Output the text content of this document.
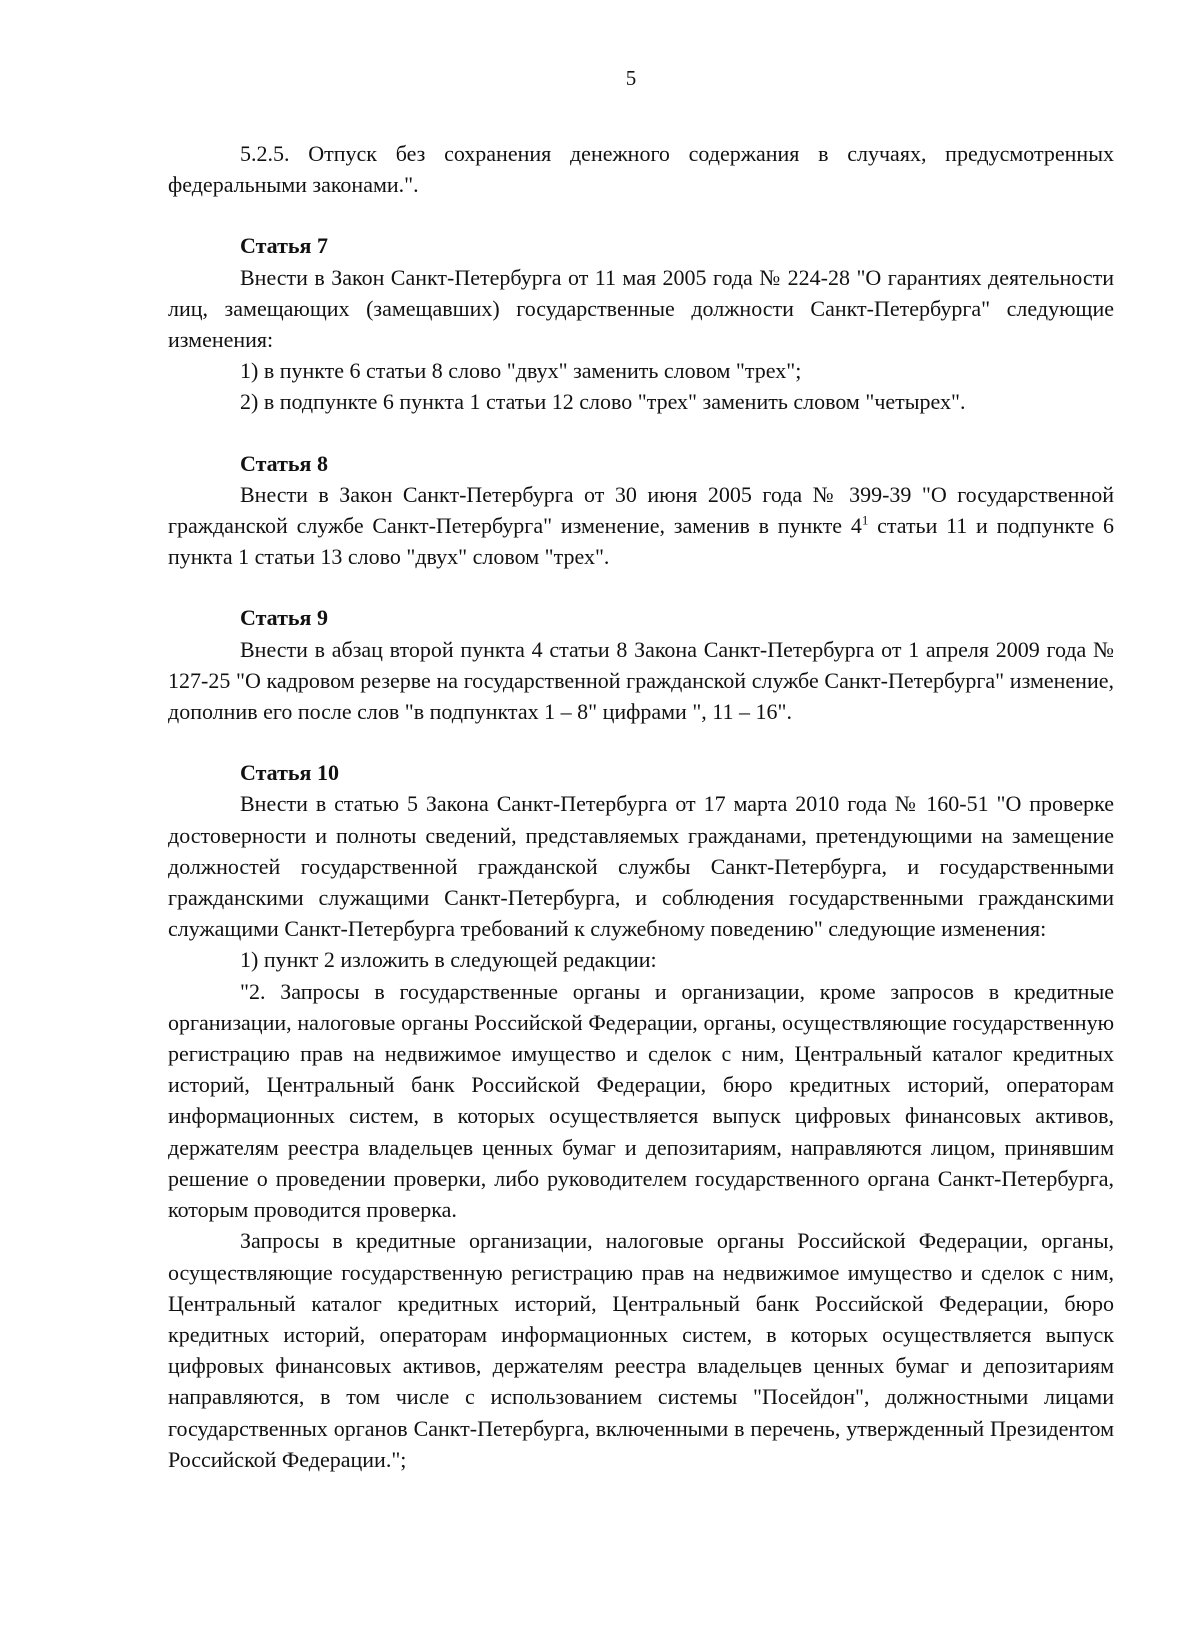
5

5.2.5. Отпуск без сохранения денежного содержания в случаях, предусмотренных федеральными законами.".

Статья 7

Внести в Закон Санкт-Петербурга от 11 мая 2005 года № 224-28 "О гарантиях деятельности лиц, замещающих (замещавших) государственные должности Санкт-Петербурга" следующие изменения:

1) в пункте 6 статьи 8 слово "двух" заменить словом "трех";

2) в подпункте 6 пункта 1 статьи 12 слово "трех" заменить словом "четырех".

Статья 8

Внести в Закон Санкт-Петербурга от 30 июня 2005 года № 399-39 "О государственной гражданской службе Санкт-Петербурга" изменение, заменив в пункте $4^1$ статьи 11 и подпункте 6 пункта 1 статьи 13 слово "двух" словом "трех".

Статья 9

Внести в абзац второй пункта 4 статьи 8 Закона Санкт-Петербурга от 1 апреля 2009 года № 127-25 "О кадровом резерве на государственной гражданской службе Санкт-Петербурга" изменение, дополнив его после слов "в подпунктах 1 – 8" цифрами ", 11 – 16".

Статья 10

Внести в статью 5 Закона Санкт-Петербурга от 17 марта 2010 года № 160-51 "О проверке достоверности и полноты сведений, представляемых гражданами, претендующими на замещение должностей государственной гражданской службы Санкт-Петербурга, и государственными гражданскими служащими Санкт-Петербурга, и соблюдения государственными гражданскими служащими Санкт-Петербурга требований к служебному поведению" следующие изменения:

1) пункт 2 изложить в следующей редакции:

"2. Запросы в государственные органы и организации, кроме запросов в кредитные организации, налоговые органы Российской Федерации, органы, осуществляющие государственную регистрацию прав на недвижимое имущество и сделок с ним, Центральный каталог кредитных историй, Центральный банк Российской Федерации, бюро кредитных историй, операторам информационных систем, в которых осуществляется выпуск цифровых финансовых активов, держателям реестра владельцев ценных бумаг и депозитариям, направляются лицом, принявшим решение о проведении проверки, либо руководителем государственного органа Санкт-Петербурга, которым проводится проверка.

Запросы в кредитные организации, налоговые органы Российской Федерации, органы, осуществляющие государственную регистрацию прав на недвижимое имущество и сделок с ним, Центральный каталог кредитных историй, Центральный банк Российской Федерации, бюро кредитных историй, операторам информационных систем, в которых осуществляется выпуск цифровых финансовых активов, держателям реестра владельцев ценных бумаг и депозитариям направляются, в том числе с использованием системы "Посейдон", должностными лицами государственных органов Санкт-Петербурга, включенными в перечень, утвержденный Президентом Российской Федерации.";
